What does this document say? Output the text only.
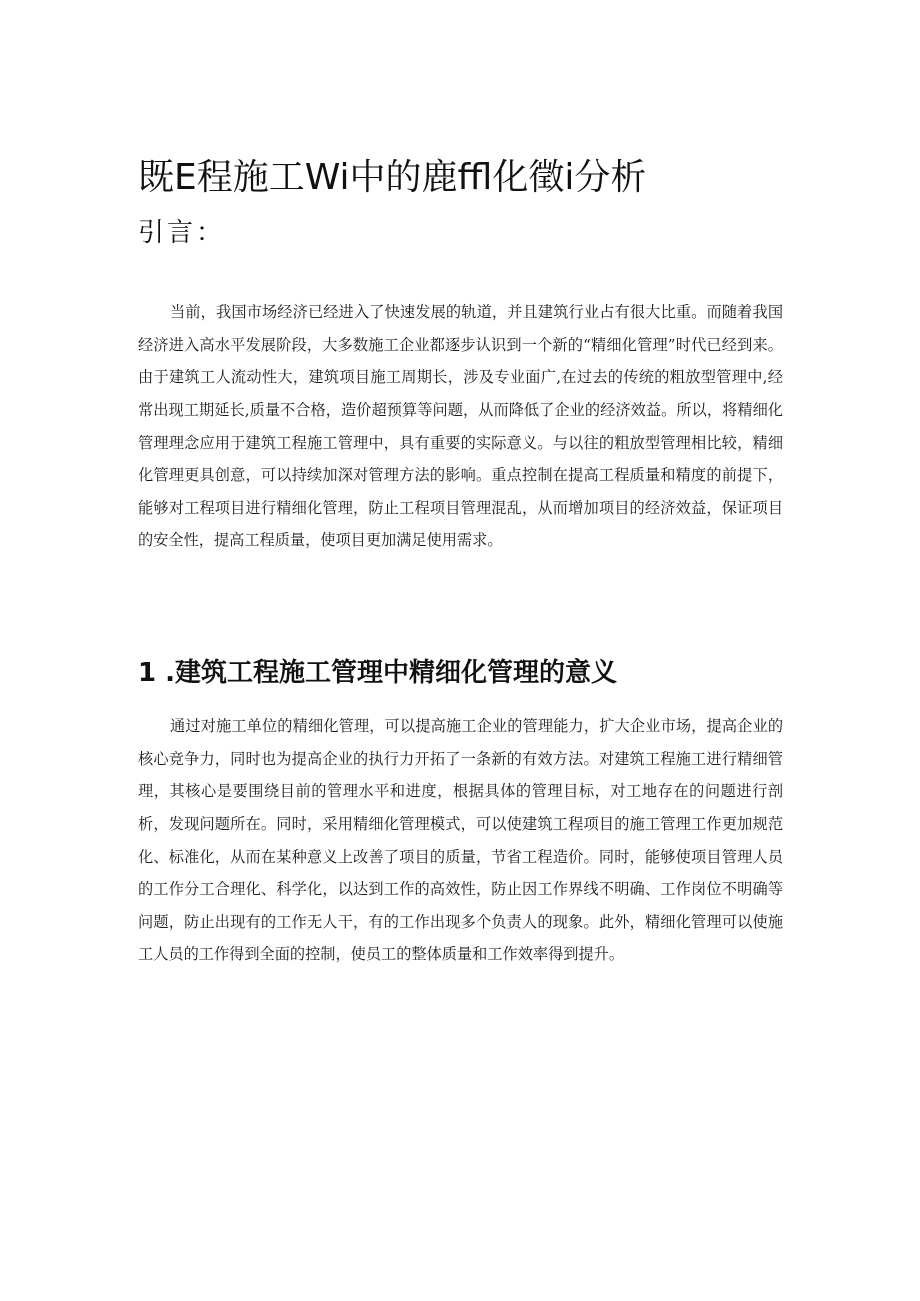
既E程施工Wi中的鹿ffl化徵i分析
引言：

当前，我国市场经济已经进入了快速发展的轨道，并且建筑行业占有很大比重。而随着我国经济进入高水平发展阶段，大多数施工企业都逐步认识到一个新的“精细化管理”时代已经到来。由于建筑工人流动性大，建筑项目施工周期长，涉及专业面广,在过去的传统的粗放型管理中,经常出现工期延长,质量不合格，造价超预算等问题，从而降低了企业的经济效益。所以，将精细化管理理念应用于建筑工程施工管理中，具有重要的实际意义。与以往的粗放型管理相比较，精细化管理更具创意，可以持续加深对管理方法的影响。重点控制在提高工程质量和精度的前提下，能够对工程项目进行精细化管理，防止工程项目管理混乱，从而增加项目的经济效益，保证项目的安全性，提高工程质量，使项目更加满足使用需求。

1 .建筑工程施工管理中精细化管理的意义

通过对施工单位的精细化管理，可以提高施工企业的管理能力，扩大企业市场，提高企业的核心竞争力，同时也为提高企业的执行力开拓了一条新的有效方法。对建筑工程施工进行精细管理，其核心是要围绕目前的管理水平和进度，根据具体的管理目标，对工地存在的问题进行剖析，发现问题所在。同时，采用精细化管理模式，可以使建筑工程项目的施工管理工作更加规范化、标准化，从而在某种意义上改善了项目的质量，节省工程造价。同时，能够使项目管理人员的工作分工合理化、科学化，以达到工作的高效性，防止因工作界线不明确、工作岗位不明确等问题，防止出现有的工作无人干，有的工作出现多个负责人的现象。此外，精细化管理可以使施工人员的工作得到全面的控制，使员工的整体质量和工作效率得到提升。
